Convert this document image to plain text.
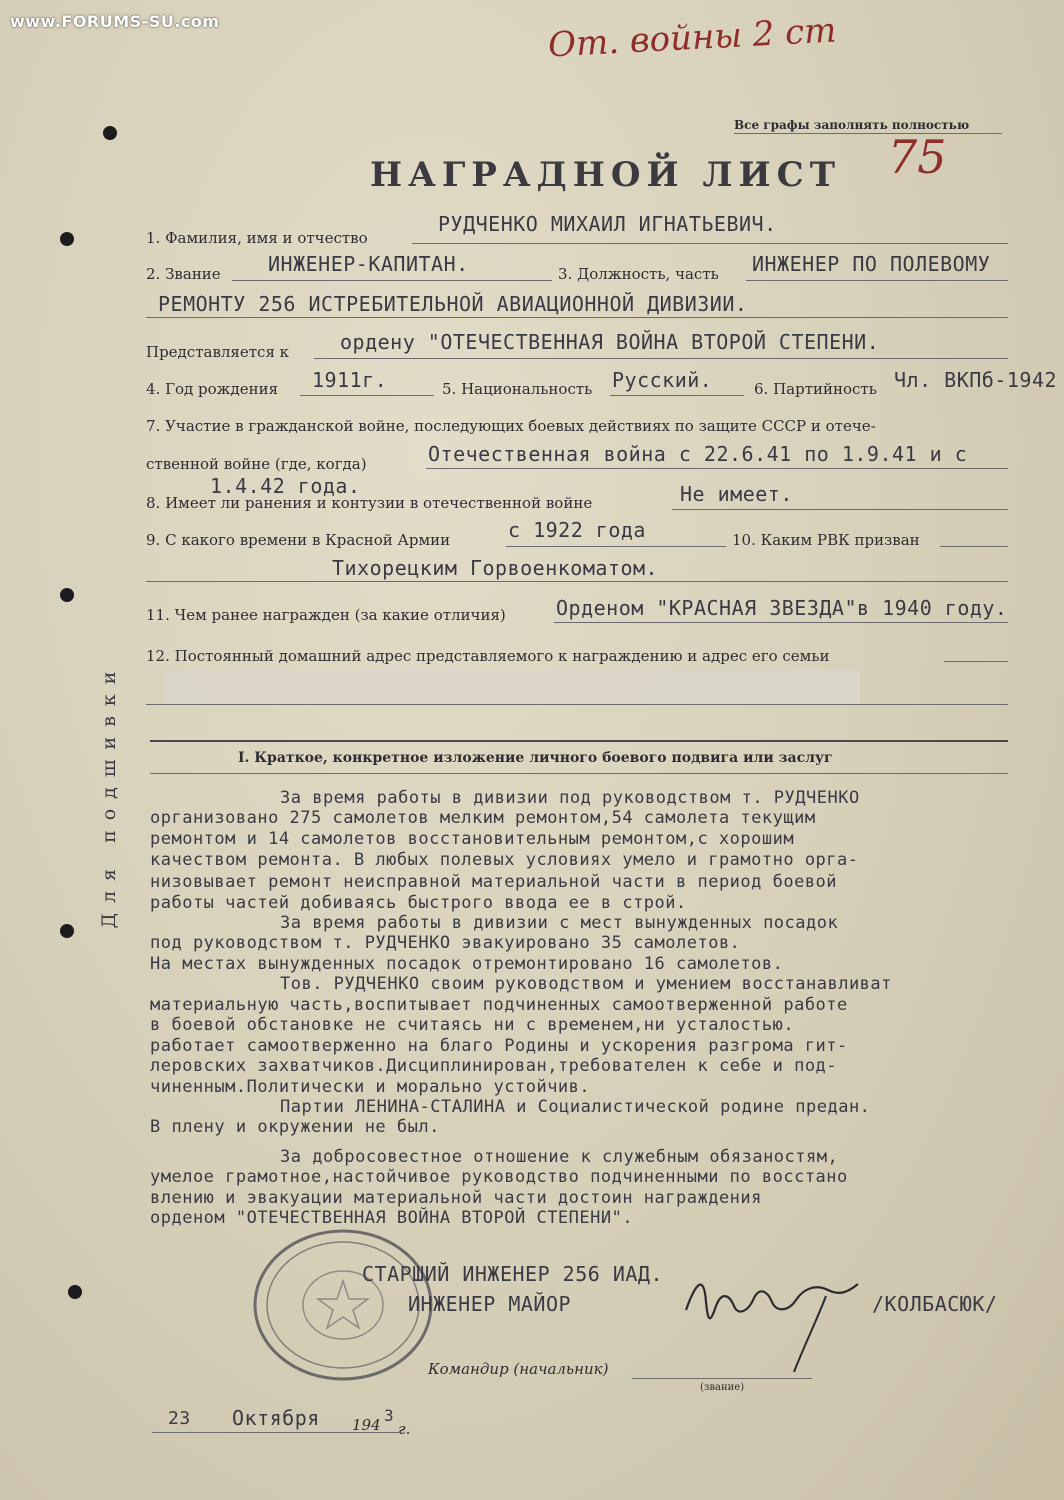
www.FORUMS-SU.com	От. войны 2 ст
75
Все графы заполнять полностью
НАГРАДНОЙ ЛИСТ
Для подшивки
1. Фамилия, имя и отчество
РУДЧЕНКО МИХАИЛ ИГНАТЬЕВИЧ.
2. Звание ИНЖЕНЕР-КАПИТАН.	3. Должность, часть ИНЖЕНЕР ПО ПОЛЕВОМУ
РЕМОНТУ 256 ИСТРЕБИТЕЛЬНОЙ АВИАЦИОННОЙ ДИВИЗИИ.
Представляется к	ордену "ОТЕЧЕСТВЕННАЯ ВОЙНА ВТОРОЙ СТЕПЕНИ.
4. Год рождения 1911г.	5. Национальность Русский.	6. Партийность Чл. ВКПб-1942
7. Участие в гражданской войне, последующих боевых действиях по защите СССР и отече-
ственной войне (где, когда)	Отечественная война с 22.6.41 по 1.9.41 и с
1.4.42 года.
8. Имеет ли ранения и контузии в отечественной войне	Не имеет.
9. С какого времени в Красной Армии	с 1922 года	10. Каким РВК призван
Тихорецким Горвоенкоматом.
11. Чем ранее награжден (за какие отличия)	Орденом "КРАСНАЯ ЗВЕЗДА"в 1940 году.
12. Постоянный домашний адрес представляемого к награждению и адрес его семьи
I. Краткое, конкретное изложение личного боевого подвига или заслуг
За время работы в дивизии под руководством т. РУДЧЕНКО
организовано 275 самолетов мелким ремонтом,54 самолета текущим
ремонтом и 14 самолетов восстановительным ремонтом,с хорошим
качеством ремонта. В любых полевых условиях умело и грамотно орга-
низовывает ремонт неисправной материальной части в период боевой
работы частей добиваясь быстрого ввода ее в строй.
За время работы в дивизии с мест вынужденных посадок
под руководством т. РУДЧЕНКО эвакуировано 35 самолетов.
На местах вынужденных посадок отремонтировано 16 самолетов.
Тов. РУДЧЕНКО своим руководством и умением восстанавливат
материальную часть,воспитывает подчиненных самоотверженной работе
в боевой обстановке не считаясь ни с временем,ни усталостью.
работает самоотверженно на благо Родины и ускорения разгрома гит-
леровских захватчиков.Дисциплинирован,требователен к себе и под-
чиненным.Политически и морально устойчив.
Партии ЛЕНИНА-СТАЛИНА и Социалистической родине предан.
В плену и окружении не был.
За добросовестное отношение к служебным обязаностям,
умелое грамотное,настойчивое руководство подчиненными по восстано
влению и эвакуации материальной части достоин награждения
орденом "ОТЕЧЕСТВЕННАЯ ВОЙНА ВТОРОЙ СТЕПЕНИ".
СТАРШИЙ ИНЖЕНЕР 256 ИАД.
ИНЖЕНЕР МАЙОР	/КОЛБАСЮК/
Командир (начальник)
(звание)
23 Октября 194 3
г.
